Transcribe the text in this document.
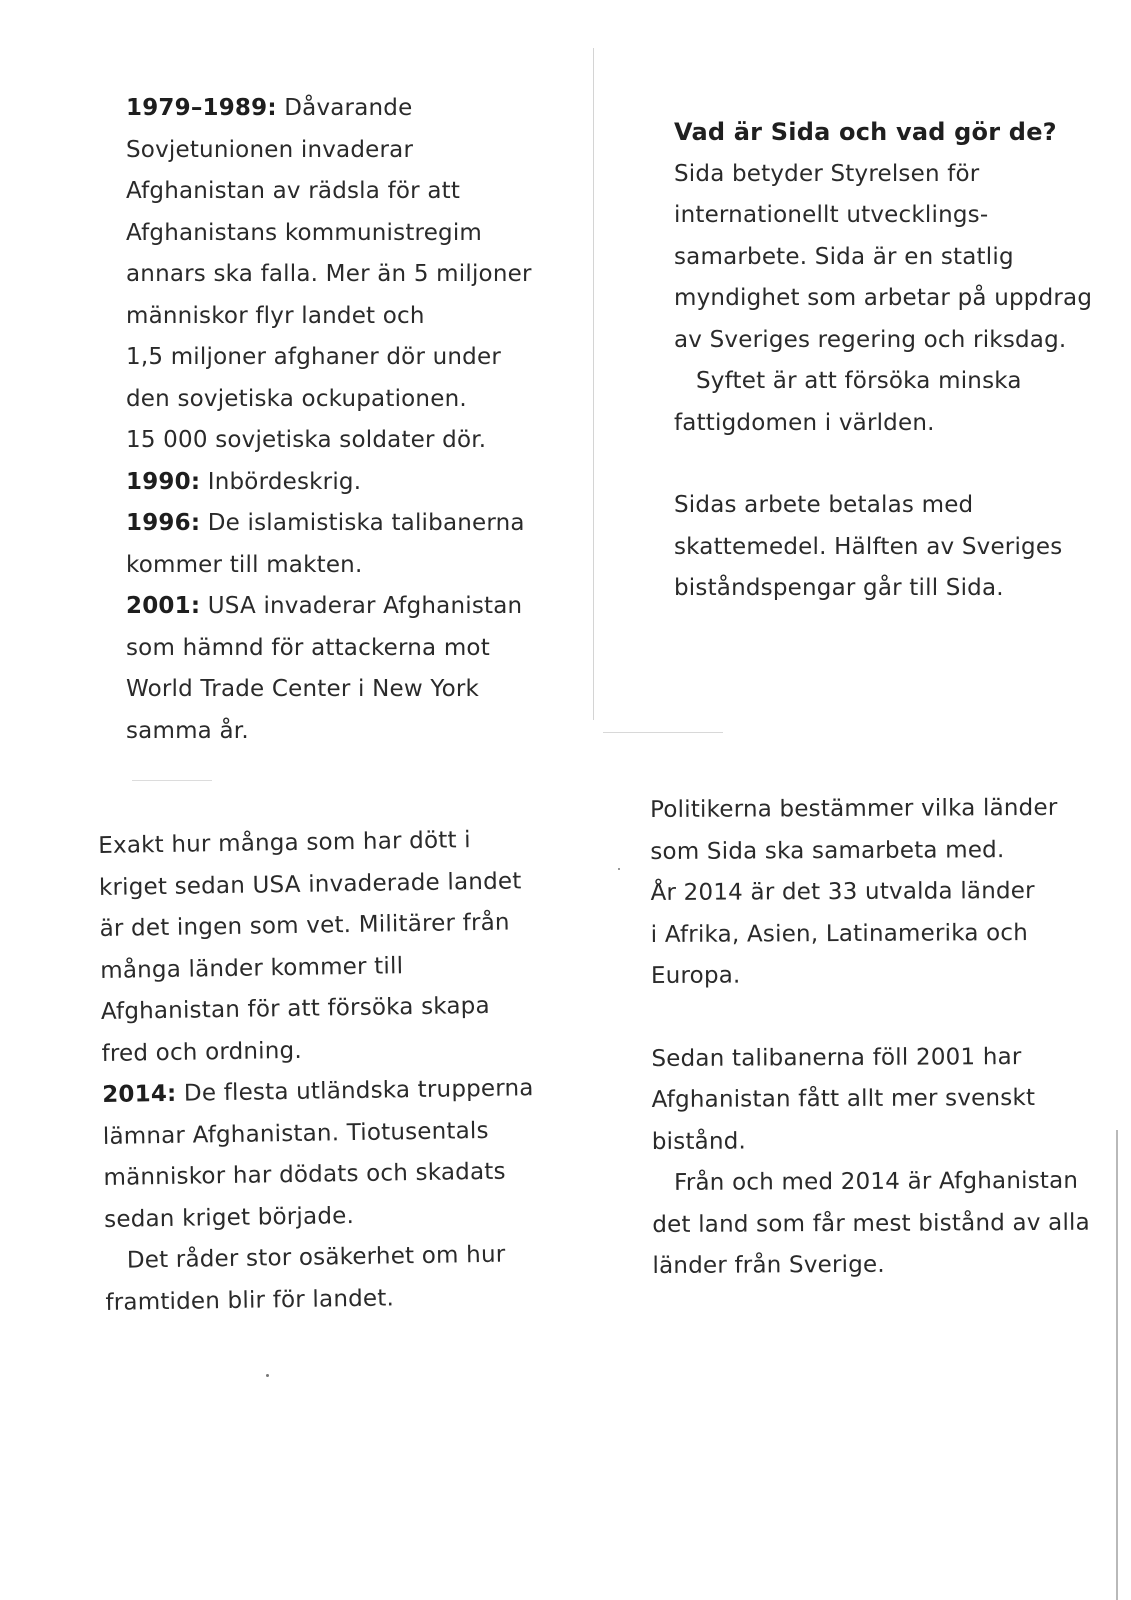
1979–1989: Dåvarande

Sovjetunionen invaderar

Afghanistan av rädsla för att

Afghanistans kommunistregim

annars ska falla. Mer än 5 miljoner

människor flyr landet och

1,5 miljoner afghaner dör under

den sovjetiska ockupationen.

15 000 sovjetiska soldater dör.

1990: Inbördeskrig.

1996: De islamistiska talibanerna

kommer till makten.

2001: USA invaderar Afghanistan

som hämnd för attackerna mot

World Trade Center i New York

samma år.

Vad är Sida och vad gör de?

Sida betyder Styrelsen för

internationellt utvecklings-

samarbete. Sida är en statlig

myndighet som arbetar på uppdrag

av Sveriges regering och riksdag.

Syftet är att försöka minska

fattigdomen i världen.

Sidas arbete betalas med

skattemedel. Hälften av Sveriges

biståndspengar går till Sida.

Exakt hur många som har dött i

kriget sedan USA invaderade landet

är det ingen som vet. Militärer från

många länder kommer till

Afghanistan för att försöka skapa

fred och ordning.

2014: De flesta utländska trupperna

lämnar Afghanistan. Tiotusentals

människor har dödats och skadats

sedan kriget började.

Det råder stor osäkerhet om hur

framtiden blir för landet.

Politikerna bestämmer vilka länder

som Sida ska samarbeta med.

År 2014 är det 33 utvalda länder

i Afrika, Asien, Latinamerika och

Europa.

Sedan talibanerna föll 2001 har

Afghanistan fått allt mer svenskt

bistånd.

Från och med 2014 är Afghanistan

det land som får mest bistånd av alla

länder från Sverige.
